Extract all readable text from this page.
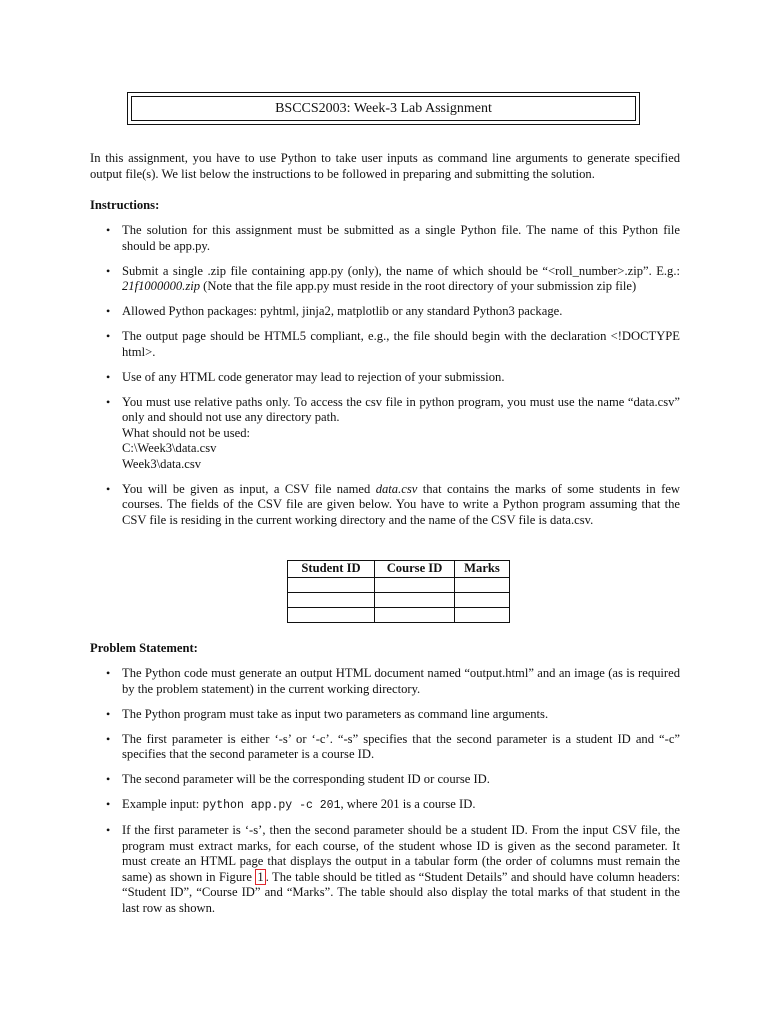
BSCCS2003: Week-3 Lab Assignment
In this assignment, you have to use Python to take user inputs as command line arguments to generate specified output file(s). We list below the instructions to be followed in preparing and submitting the solution.
Instructions:
• The solution for this assignment must be submitted as a single Python file. The name of this Python file should be app.py.
• Submit a single .zip file containing app.py (only), the name of which should be “<roll_number>.zip”. E.g.: 21f1000000.zip (Note that the file app.py must reside in the root directory of your submission zip file)
• Allowed Python packages: pyhtml, jinja2, matplotlib or any standard Python3 package.
• The output page should be HTML5 compliant, e.g., the file should begin with the declaration <!DOCTYPE html>.
• Use of any HTML code generator may lead to rejection of your submission.
• You must use relative paths only. To access the csv file in python program, you must use the name “data.csv” only and should not use any directory path.
What should not be used:
C:\Week3\data.csv
Week3\data.csv
• You will be given as input, a CSV file named data.csv that contains the marks of some students in few courses. The fields of the CSV file are given below. You have to write a Python program assuming that the CSV file is residing in the current working directory and the name of the CSV file is data.csv.
Student ID	Course ID	Marks

Problem Statement:
• The Python code must generate an output HTML document named “output.html” and an image (as is required by the problem statement) in the current working directory.
• The Python program must take as input two parameters as command line arguments.
• The first parameter is either ‘-s’ or ‘-c’. “-s” specifies that the second parameter is a student ID and “-c” specifies that the second parameter is a course ID.
• The second parameter will be the corresponding student ID or course ID.
• Example input: python app.py -c 201, where 201 is a course ID.
• If the first parameter is ‘-s’, then the second parameter should be a student ID. From the input CSV file, the program must extract marks, for each course, of the student whose ID is given as the second parameter. It must create an HTML page that displays the output in a tabular form (the order of columns must remain the same) as shown in Figure 1 . The table should be titled as “Student Details” and should have column headers: “Student ID”, “Course ID” and “Marks”. The table should also display the total marks of that student in the last row as shown.
